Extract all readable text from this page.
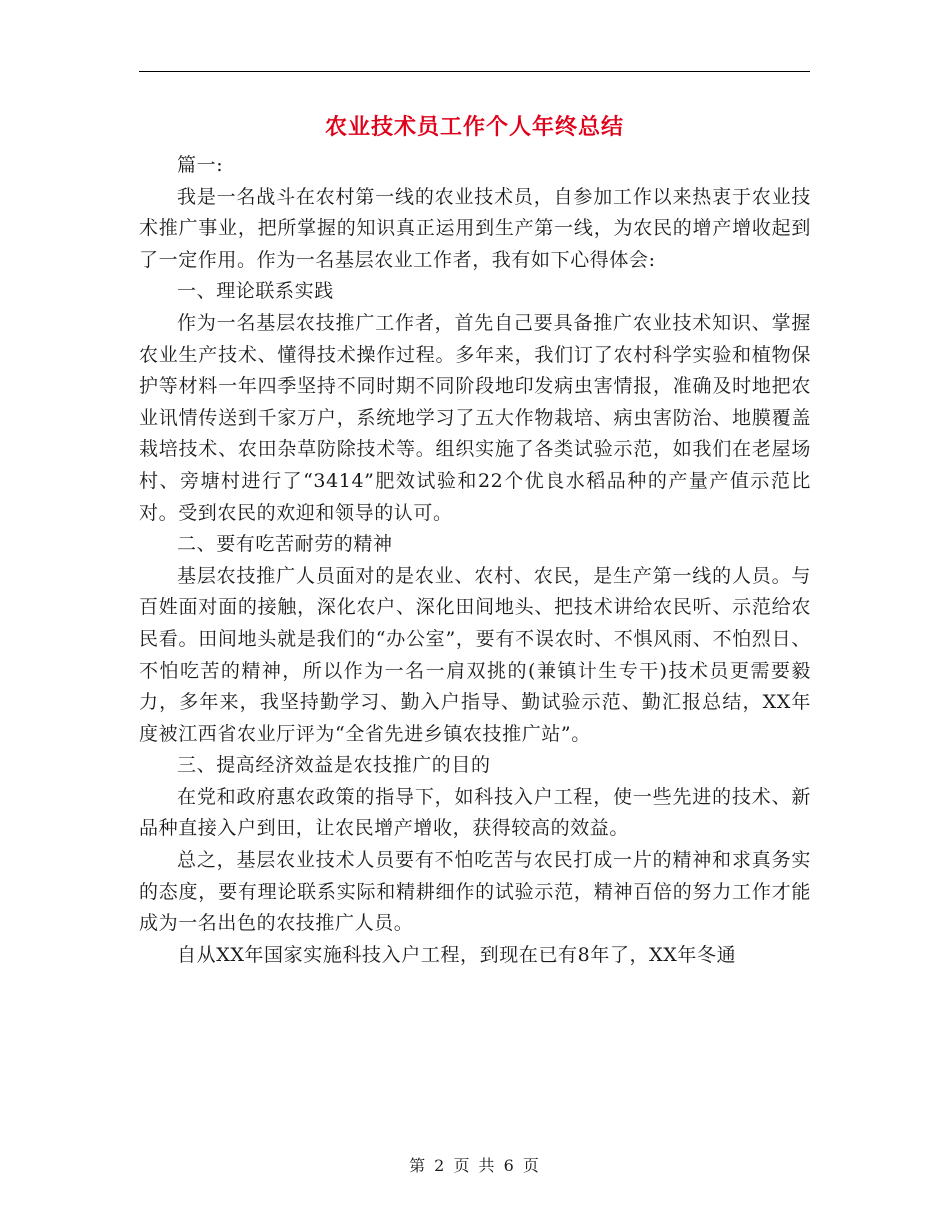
农业技术员工作个人年终总结

篇一:

我是一名战斗在农村第一线的农业技术员，自参加工作以来热衷于农业技术推广事业，把所掌握的知识真正运用到生产第一线，为农民的增产增收起到了一定作用。作为一名基层农业工作者，我有如下心得体会:

一、理论联系实践

作为一名基层农技推广工作者，首先自己要具备推广农业技术知识、掌握农业生产技术、懂得技术操作过程。多年来，我们订了农村科学实验和植物保护等材料一年四季坚持不同时期不同阶段地印发病虫害情报，准确及时地把农业讯情传送到千家万户，系统地学习了五大作物栽培、病虫害防治、地膜覆盖栽培技术、农田杂草防除技术等。组织实施了各类试验示范，如我们在老屋场村、旁塘村进行了“3414”肥效试验和22个优良水稻品种的产量产值示范比对。受到农民的欢迎和领导的认可。

二、要有吃苦耐劳的精神

基层农技推广人员面对的是农业、农村、农民，是生产第一线的人员。与百姓面对面的接触，深化农户、深化田间地头、把技术讲给农民听、示范给农民看。田间地头就是我们的“办公室”，要有不误农时、不惧风雨、不怕烈日、不怕吃苦的精神，所以作为一名一肩双挑的(兼镇计生专干)技术员更需要毅力，多年来，我坚持勤学习、勤入户指导、勤试验示范、勤汇报总结，XX年度被江西省农业厅评为“全省先进乡镇农技推广站”。

三、提高经济效益是农技推广的目的

在党和政府惠农政策的指导下，如科技入户工程，使一些先进的技术、新品种直接入户到田，让农民增产增收，获得较高的效益。

总之，基层农业技术人员要有不怕吃苦与农民打成一片的精神和求真务实的态度，要有理论联系实际和精耕细作的试验示范，精神百倍的努力工作才能成为一名出色的农技推广人员。

自从XX年国家实施科技入户工程，到现在已有8年了，XX年冬通

第 2 页 共 6 页
